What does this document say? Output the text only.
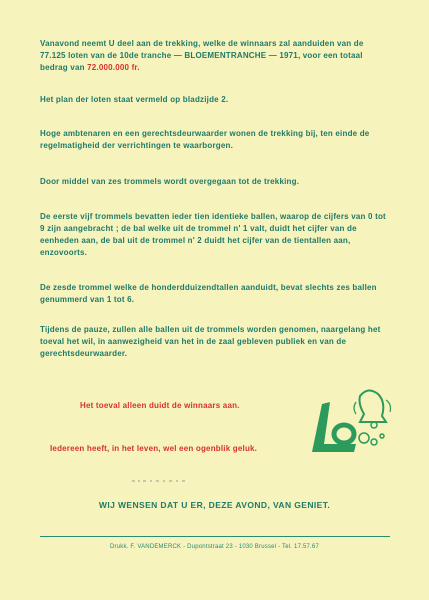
Vanavond neemt U deel aan de trekking, welke de winnaars zal aanduiden van de 77.125 loten van de 10de tranche — BLOEMENTRANCHE — 1971, voor een totaal bedrag van 72.000.000 fr.

Het plan der loten staat vermeld op bladzijde 2.

Hoge ambtenaren en een gerechtsdeurwaarder wonen de trekking bij, ten einde de regelmatigheid der verrichtingen te waarborgen.

Door middel van zes trommels wordt overgegaan tot de trekking.

De eerste vijf trommels bevatten ieder tien identieke ballen, waarop de cijfers van 0 tot 9 zijn aangebracht ; de bal welke uit de trommel n' 1 valt, duidt het cijfer van de eenheden aan, de bal uit de trommel n' 2 duidt het cijfer van de tientallen aan, enzovoorts.

De zesde trommel welke de honderdduizendtallen aanduidt, bevat slechts zes ballen genummerd van 1 tot 6.

Tijdens de pauze, zullen alle ballen uit de trommels worden genomen, naargelang het toeval het wil, in aanwezigheid van het in de zaal gebleven publiek en van de gerechtsdeurwaarder.

Het toeval alleen duidt de winnaars aan.
Iedereen heeft, in het leven, wel een ogenblik geluk.
WIJ WENSEN DAT U ER, DEZE AVOND, VAN GENIET.
Drukk. F. VANDEMERCK - Dupontstraat 23 - 1030 Brussel - Tel. 17.57.67
